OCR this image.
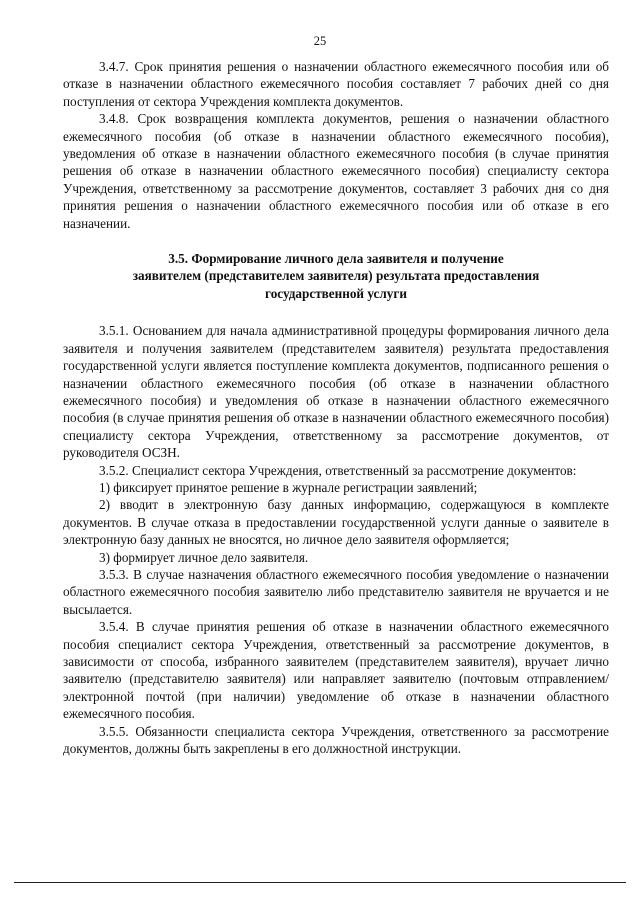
25

3.4.7. Срок принятия решения о назначении областного ежемесячного пособия или об отказе в назначении областного ежемесячного пособия составляет 7 рабочих дней со дня поступления от сектора Учреждения комплекта документов.

3.4.8. Срок возвращения комплекта документов, решения о назначении областного ежемесячного пособия (об отказе в назначении областного ежемесячного пособия), уведомления об отказе в назначении областного ежемесячного пособия (в случае принятия решения об отказе в назначении областного ежемесячного пособия) специалисту сектора Учреждения, ответственному за рассмотрение документов, составляет 3 рабочих дня со дня принятия решения о назначении областного ежемесячного пособия или об отказе в его назначении.

3.5. Формирование личного дела заявителя и получение
заявителем (представителем заявителя) результата предоставления
государственной услуги

3.5.1. Основанием для начала административной процедуры формирования личного дела заявителя и получения заявителем (представителем заявителя) результата предоставления государственной услуги является поступление комплекта документов, подписанного решения о назначении областного ежемесячного пособия (об отказе в назначении областного ежемесячного пособия) и уведомления об отказе в назначении областного ежемесячного пособия (в случае принятия решения об отказе в назначении областного ежемесячного пособия) специалисту сектора Учреждения, ответственному за рассмотрение документов, от руководителя ОСЗН.

3.5.2. Специалист сектора Учреждения, ответственный за рассмотрение документов:

1) фиксирует принятое решение в журнале регистрации заявлений;

2) вводит в электронную базу данных информацию, содержащуюся в комплекте документов. В случае отказа в предоставлении государственной услуги данные о заявителе в электронную базу данных не вносятся, но личное дело заявителя оформляется;

3) формирует личное дело заявителя.

3.5.3. В случае назначения областного ежемесячного пособия уведомление о назначении областного ежемесячного пособия заявителю либо представителю заявителя не вручается и не высылается.

3.5.4. В случае принятия решения об отказе в назначении областного ежемесячного пособия специалист сектора Учреждения, ответственный за рассмотрение документов, в зависимости от способа, избранного заявителем (представителем заявителя), вручает лично заявителю (представителю заявителя) или направляет заявителю (почтовым отправлением/электронной почтой (при наличии) уведомление об отказе в назначении областного ежемесячного пособия.

3.5.5. Обязанности специалиста сектора Учреждения, ответственного за рассмотрение документов, должны быть закреплены в его должностной инструкции.
